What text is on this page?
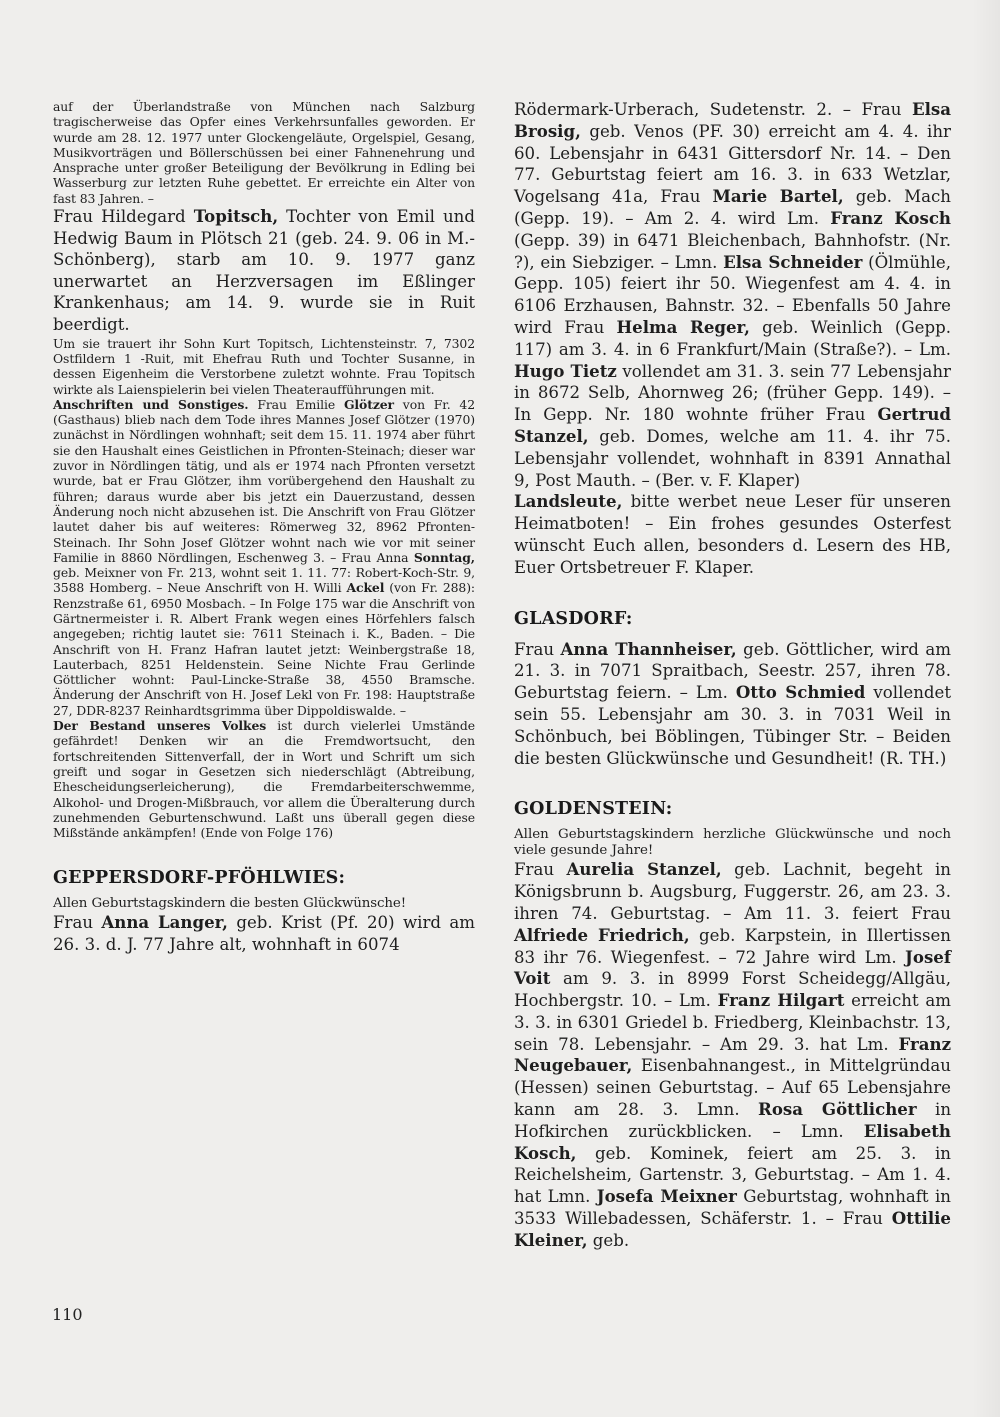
auf der Überlandstraße von München nach Salzburg tragischerweise das Opfer eines Verkehrsunfalles geworden. Er wurde am 28. 12. 1977 unter Glockengeläute, Orgelspiel, Gesang, Musikvorträgen und Böllerschüssen bei einer Fahnenehrung und Ansprache unter großer Beteiligung der Bevölkrung in Edling bei Wasserburg zur letzten Ruhe gebettet. Er erreichte ein Alter von fast 83 Jahren. –

Frau Hildegard Topitsch, Tochter von Emil und Hedwig Baum in Plötsch 21 (geb. 24. 9. 06 in M.-Schönberg), starb am 10. 9. 1977 ganz unerwartet an Herzversagen im Eßlinger Krankenhaus; am 14. 9. wurde sie in Ruit beerdigt.

Um sie trauert ihr Sohn Kurt Topitsch, Lichtensteinstr. 7, 7302 Ostfildern 1 -Ruit, mit Ehefrau Ruth und Tochter Susanne, in dessen Eigenheim die Verstorbene zuletzt wohnte. Frau Topitsch wirkte als Laienspielerin bei vielen Theateraufführungen mit.

Anschriften und Sonstiges. Frau Emilie Glötzer von Fr. 42 (Gasthaus) blieb nach dem Tode ihres Mannes Josef Glötzer (1970) zunächst in Nördlingen wohnhaft; seit dem 15. 11. 1974 aber führt sie den Haushalt eines Geistlichen in Pfronten-Steinach; dieser war zuvor in Nördlingen tätig, und als er 1974 nach Pfronten versetzt wurde, bat er Frau Glötzer, ihm vorübergehend den Haushalt zu führen; daraus wurde aber bis jetzt ein Dauerzustand, dessen Änderung noch nicht abzusehen ist. Die Anschrift von Frau Glötzer lautet daher bis auf weiteres: Römerweg 32, 8962 Pfronten-Steinach. Ihr Sohn Josef Glötzer wohnt nach wie vor mit seiner Familie in 8860 Nördlingen, Eschenweg 3. – Frau Anna Sonntag, geb. Meixner von Fr. 213, wohnt seit 1. 11. 77: Robert-Koch-Str. 9, 3588 Homberg. – Neue Anschrift von H. Willi Ackel (von Fr. 288): Renzstraße 61, 6950 Mosbach. – In Folge 175 war die Anschrift von Gärtnermeister i. R. Albert Frank wegen eines Hörfehlers falsch angegeben; richtig lautet sie: 7611 Steinach i. K., Baden. – Die Anschrift von H. Franz Hafran lautet jetzt: Weinbergstraße 18, Lauterbach, 8251 Heldenstein. Seine Nichte Frau Gerlinde Göttlicher wohnt: Paul-Lincke-Straße 38, 4550 Bramsche. Änderung der Anschrift von H. Josef Lekl von Fr. 198: Hauptstraße 27, DDR-8237 Reinhardtsgrimma über Dippoldiswalde. –

Der Bestand unseres Volkes ist durch vielerlei Umstände gefährdet! Denken wir an die Fremdwortsucht, den fortschreitenden Sittenverfall, der in Wort und Schrift um sich greift und sogar in Gesetzen sich niederschlägt (Abtreibung, Ehescheidungserleicherung), die Fremdarbeiterschwemme, Alkohol- und Drogen-Mißbrauch, vor allem die Überalterung durch zunehmenden Geburtenschwund. Laßt uns überall gegen diese Mißstände ankämpfen! (Ende von Folge 176)

GEPPERSDORF-PFÖHLWIES:

Allen Geburtstagskindern die besten Glückwünsche!

Frau Anna Langer, geb. Krist (Pf. 20) wird am 26. 3. d. J. 77 Jahre alt, wohnhaft in 6074

Rödermark-Urberach, Sudetenstr. 2. – Frau Elsa Brosig, geb. Venos (PF. 30) erreicht am 4. 4. ihr 60. Lebensjahr in 6431 Gittersdorf Nr. 14. – Den 77. Geburtstag feiert am 16. 3. in 633 Wetzlar, Vogelsang 41a, Frau Marie Bartel, geb. Mach (Gepp. 19). – Am 2. 4. wird Lm. Franz Kosch (Gepp. 39) in 6471 Bleichenbach, Bahnhofstr. (Nr. ?), ein Siebziger. – Lmn. Elsa Schneider (Ölmühle, Gepp. 105) feiert ihr 50. Wiegenfest am 4. 4. in 6106 Erzhausen, Bahnstr. 32. – Ebenfalls 50 Jahre wird Frau Helma Reger, geb. Weinlich (Gepp. 117) am 3. 4. in 6 Frankfurt/Main (Straße?). – Lm. Hugo Tietz vollendet am 31. 3. sein 77 Lebensjahr in 8672 Selb, Ahornweg 26; (früher Gepp. 149). – In Gepp. Nr. 180 wohnte früher Frau Gertrud Stanzel, geb. Domes, welche am 11. 4. ihr 75. Lebensjahr vollendet, wohnhaft in 8391 Annathal 9, Post Mauth. – (Ber. v. F. Klaper)

Landsleute, bitte werbet neue Leser für unseren Heimatboten! – Ein frohes gesundes Osterfest wünscht Euch allen, besonders d. Lesern des HB, Euer Ortsbetreuer F. Klaper.

GLASDORF:

Frau Anna Thannheiser, geb. Göttlicher, wird am 21. 3. in 7071 Spraitbach, Seestr. 257, ihren 78. Geburtstag feiern. – Lm. Otto Schmied vollendet sein 55. Lebensjahr am 30. 3. in 7031 Weil in Schönbuch, bei Böblingen, Tübinger Str. – Beiden die besten Glückwünsche und Gesundheit! (R. TH.)

GOLDENSTEIN:

Allen Geburtstagskindern herzliche Glückwünsche und noch viele gesunde Jahre!

Frau Aurelia Stanzel, geb. Lachnit, begeht in Königsbrunn b. Augsburg, Fuggerstr. 26, am 23. 3. ihren 74. Geburtstag. – Am 11. 3. feiert Frau Alfriede Friedrich, geb. Karpstein, in Illertissen 83 ihr 76. Wiegenfest. – 72 Jahre wird Lm. Josef Voit am 9. 3. in 8999 Forst Scheidegg/Allgäu, Hochbergstr. 10. – Lm. Franz Hilgart erreicht am 3. 3. in 6301 Griedel b. Friedberg, Kleinbachstr. 13, sein 78. Lebensjahr. – Am 29. 3. hat Lm. Franz Neugebauer, Eisenbahnangest., in Mittelgründau (Hessen) seinen Geburtstag. – Auf 65 Lebensjahre kann am 28. 3. Lmn. Rosa Göttlicher in Hofkirchen zurückblicken. – Lmn. Elisabeth Kosch, geb. Kominek, feiert am 25. 3. in Reichelsheim, Gartenstr. 3, Geburtstag. – Am 1. 4. hat Lmn. Josefa Meixner Geburtstag, wohnhaft in 3533 Willebadessen, Schäferstr. 1. – Frau Ottilie Kleiner, geb.

110
